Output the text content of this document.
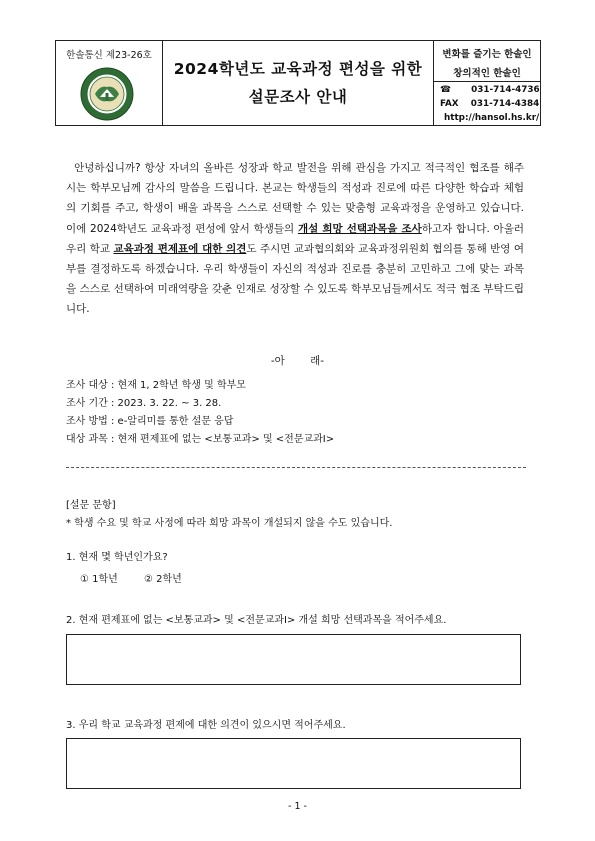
한솔통신 제23-26호
2024학년도 교육과정 편성을 위한
설문조사 안내
변화를 즐기는 한솔인
창의적인 한솔인
☎ 031-714-4736
FAX 031-714-4384
http://hansol.hs.kr/
안녕하십니까? 항상 자녀의 올바른 성장과 학교 발전을 위해 관심을 가지고 적극적인 협조를 해주시는 학부모님께 감사의 말씀을 드립니다. 본교는 학생들의 적성과 진로에 따른 다양한 학습과 체험의 기회를 주고, 학생이 배울 과목을 스스로 선택할 수 있는 맞춤형 교육과정을 운영하고 있습니다. 이에 2024학년도 교육과정 편성에 앞서 학생들의 개설 희망 선택과목을 조사하고자 합니다. 아울러 우리 학교 교육과정 편제표에 대한 의견도 주시면 교과협의회와 교육과정위원회 협의를 통해 반영 여부를 결정하도록 하겠습니다. 우리 학생들이 자신의 적성과 진로를 충분히 고민하고 그에 맞는 과목을 스스로 선택하여 미래역량을 갖춘 인재로 성장할 수 있도록 학부모님들께서도 적극 협조 부탁드립니다.
-아 래-
조사 대상 : 현재 1, 2학년 학생 및 학부모
조사 기간 : 2023. 3. 22. ~ 3. 28.
조사 방법 : e-알리미를 통한 설문 응답
대상 과목 : 현재 편제표에 없는 <보통교과> 및 <전문교과Ⅰ>
[설문 문항]
* 학생 수요 및 학교 사정에 따라 희망 과목이 개설되지 않을 수도 있습니다.
1. 현재 몇 학년인가요?
① 1학년	② 2학년
2. 현재 편제표에 없는 <보통교과> 및 <전문교과Ⅰ> 개설 희망 선택과목을 적어주세요.
3. 우리 학교 교육과정 편제에 대한 의견이 있으시면 적어주세요.
- 1 -
